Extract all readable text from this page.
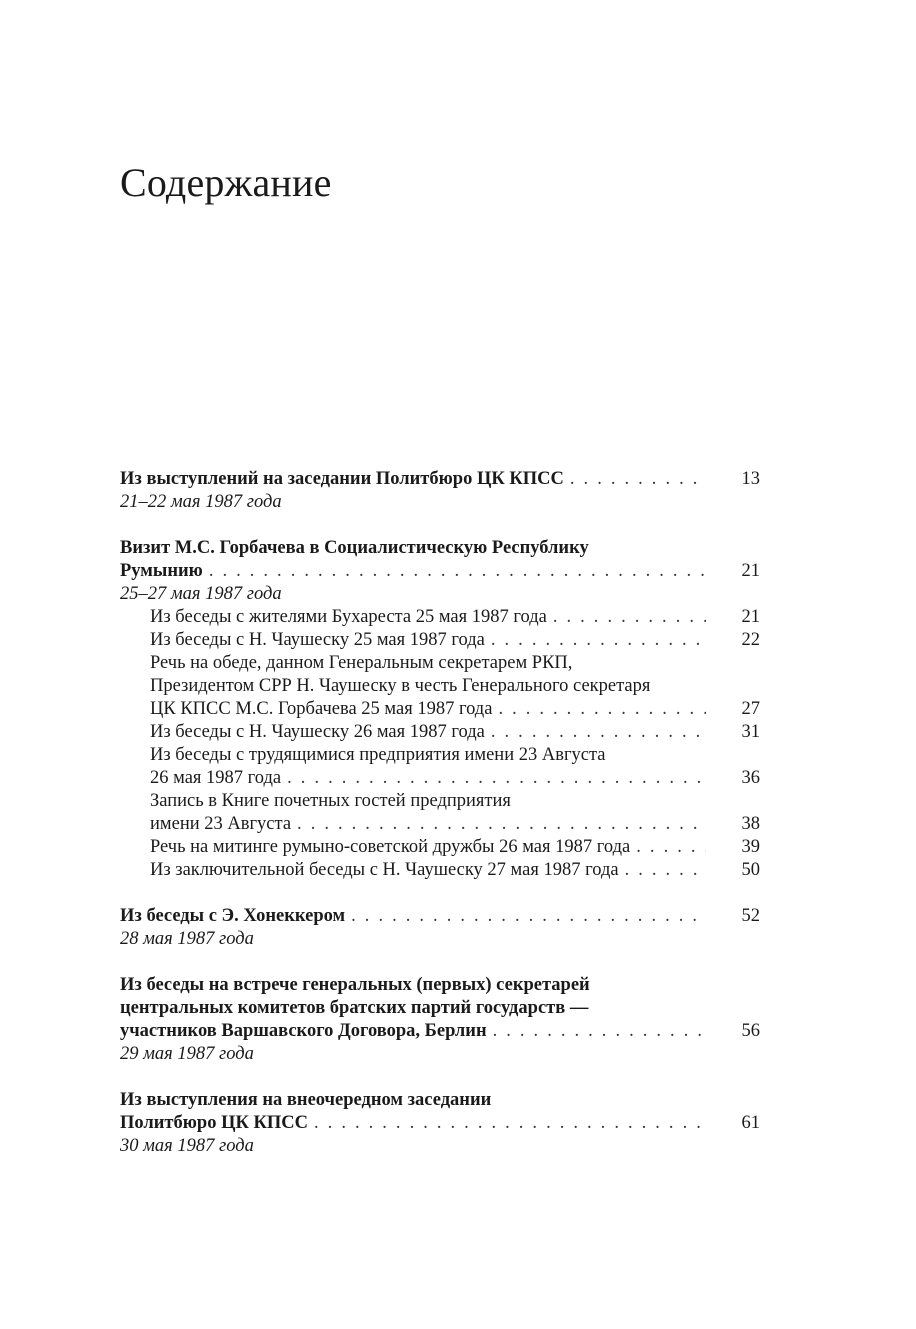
Содержание
Из выступлений на заседании Политбюро ЦК КПСС . . .	13
21–22 мая 1987 года
Визит М.С. Горбачева в Социалистическую Республику
Румынию . . .	21
25–27 мая 1987 года
Из беседы с жителями Бухареста 25 мая 1987 года . . .	21
Из беседы с Н. Чаушеску 25 мая 1987 года . . .	22
Речь на обеде, данном Генеральным секретарем РКП,
Президентом СРР Н. Чаушеску в честь Генерального секретаря
ЦК КПСС М.С. Горбачева 25 мая 1987 года . . .	27
Из беседы с Н. Чаушеску 26 мая 1987 года . . .	31
Из беседы с трудящимися предприятия имени 23 Августа
26 мая 1987 года . . .	36
Запись в Книге почетных гостей предприятия
имени 23 Августа . . .	38
Речь на митинге румыно-советской дружбы 26 мая 1987 года . . .	39
Из заключительной беседы с Н. Чаушеску 27 мая 1987 года . . .	50
Из беседы с Э. Хонеккером . . .	52
28 мая 1987 года
Из беседы на встрече генеральных (первых) секретарей
центральных комитетов братских партий государств —
участников Варшавского Договора, Берлин . . .	56
29 мая 1987 года
Из выступления на внеочередном заседании
Политбюро ЦК КПСС . . .	61
30 мая 1987 года
